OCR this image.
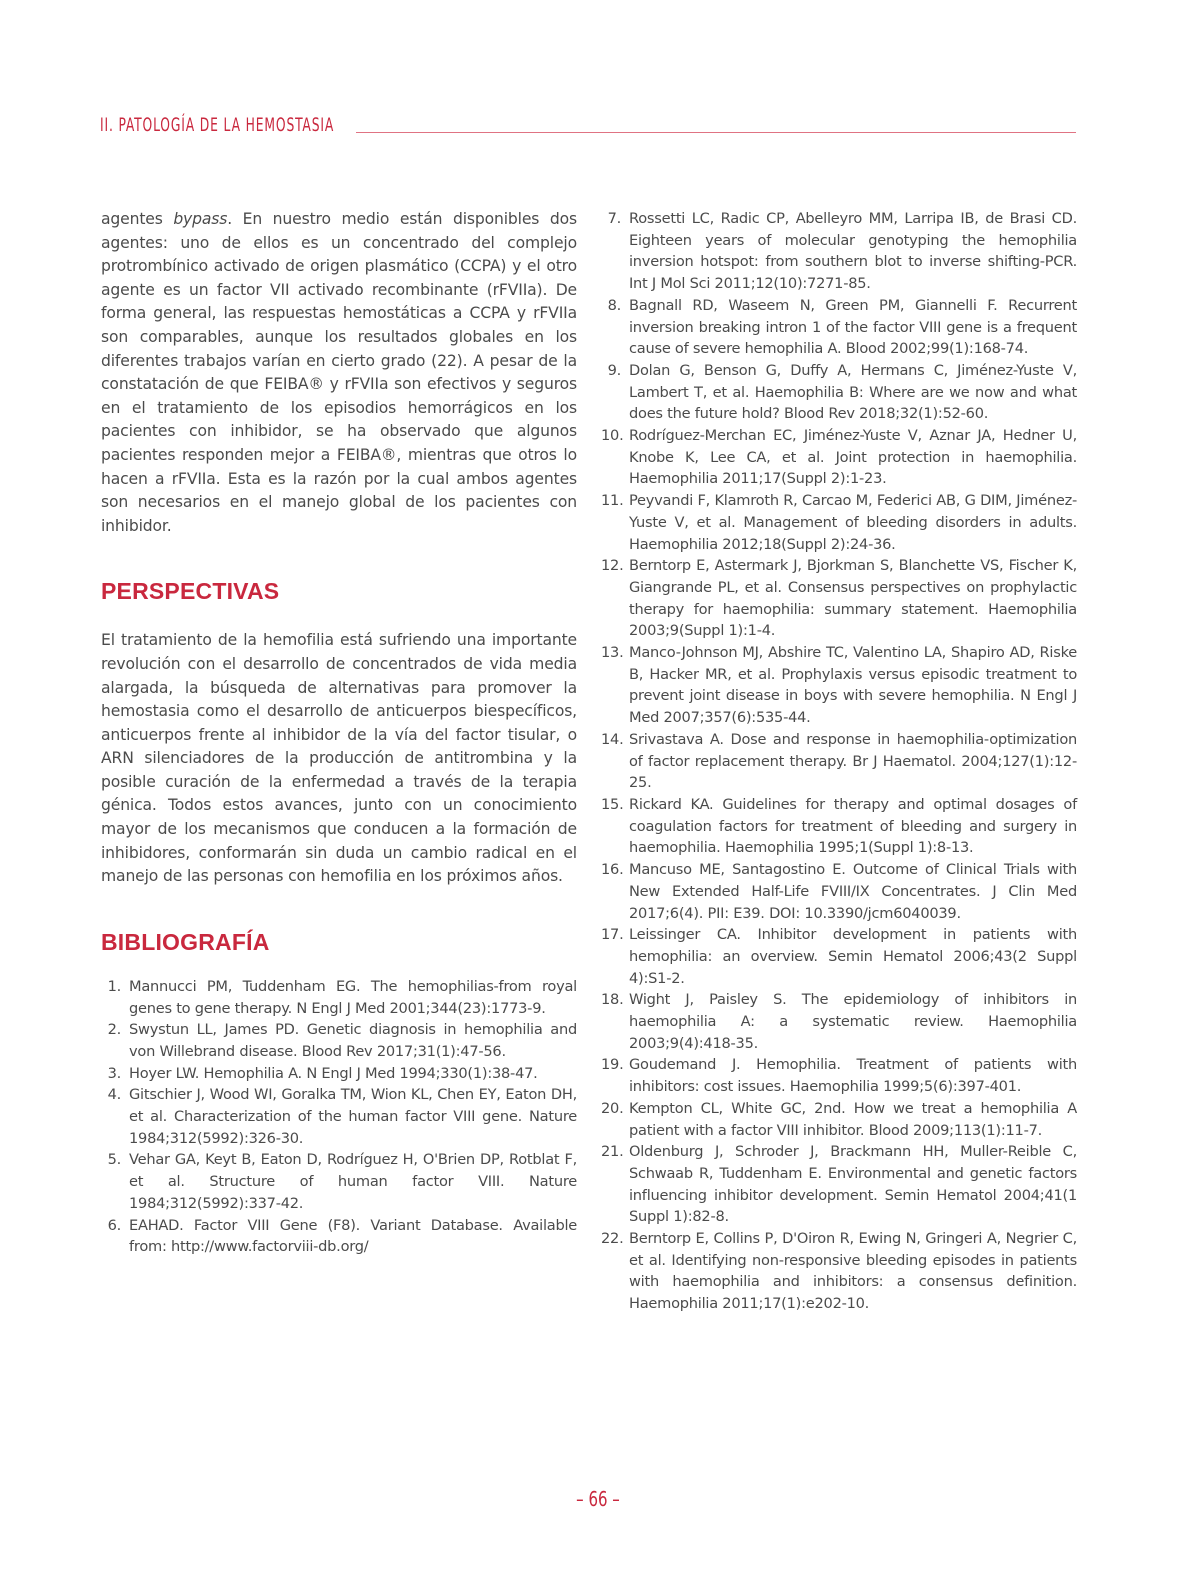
II. PATOLOGÍA DE LA HEMOSTASIA

agentes bypass. En nuestro medio están disponibles dos agentes: uno de ellos es un concentrado del complejo protrombínico activado de origen plasmático (CCPA) y el otro agente es un factor VII activado recombinante (rFVIIa). De forma general, las respuestas hemostáticas a CCPA y rFVIIa son comparables, aunque los resultados globales en los diferentes trabajos varían en cierto grado (22). A pesar de la constatación de que FEIBA® y rFVIIa son efectivos y seguros en el tratamiento de los episodios hemorrágicos en los pacientes con inhibidor, se ha observado que algunos pacientes responden mejor a FEIBA®, mientras que otros lo hacen a rFVIIa. Esta es la razón por la cual ambos agentes son necesarios en el manejo global de los pacientes con inhibidor.

PERSPECTIVAS

El tratamiento de la hemofilia está sufriendo una importante revolución con el desarrollo de concentrados de vida media alargada, la búsqueda de alternativas para promover la hemostasia como el desarrollo de anticuerpos biespecíficos, anticuerpos frente al inhibidor de la vía del factor tisular, o ARN silenciadores de la producción de antitrombina y la posible curación de la enfermedad a través de la terapia génica. Todos estos avances, junto con un conocimiento mayor de los mecanismos que conducen a la formación de inhibidores, conformarán sin duda un cambio radical en el manejo de las personas con hemofilia en los próximos años.

BIBLIOGRAFÍA
1. Mannucci PM, Tuddenham EG. The hemophilias-from royal genes to gene therapy. N Engl J Med 2001;344(23):1773-9.
2. Swystun LL, James PD. Genetic diagnosis in hemophilia and von Willebrand disease. Blood Rev 2017;31(1):47-56.
3. Hoyer LW. Hemophilia A. N Engl J Med 1994;330(1):38-47.
4. Gitschier J, Wood WI, Goralka TM, Wion KL, Chen EY, Eaton DH, et al. Characterization of the human factor VIII gene. Nature 1984;312(5992):326-30.
5. Vehar GA, Keyt B, Eaton D, Rodríguez H, O'Brien DP, Rotblat F, et al. Structure of human factor VIII. Nature 1984;312(5992):337-42.
6. EAHAD. Factor VIII Gene (F8). Variant Database. Available from: http://www.factorviii-db.org/
7. Rossetti LC, Radic CP, Abelleyro MM, Larripa IB, de Brasi CD. Eighteen years of molecular genotyping the hemophilia inversion hotspot: from southern blot to inverse shifting-PCR. Int J Mol Sci 2011;12(10):7271-85.
8. Bagnall RD, Waseem N, Green PM, Giannelli F. Recurrent inversion breaking intron 1 of the factor VIII gene is a frequent cause of severe hemophilia A. Blood 2002;99(1):168-74.
9. Dolan G, Benson G, Duffy A, Hermans C, Jiménez-Yuste V, Lambert T, et al. Haemophilia B: Where are we now and what does the future hold? Blood Rev 2018;32(1):52-60.
10. Rodríguez-Merchan EC, Jiménez-Yuste V, Aznar JA, Hedner U, Knobe K, Lee CA, et al. Joint protection in haemophilia. Haemophilia 2011;17(Suppl 2):1-23.
11. Peyvandi F, Klamroth R, Carcao M, Federici AB, G DIM, Jiménez-Yuste V, et al. Management of bleeding disorders in adults. Haemophilia 2012;18(Suppl 2):24-36.
12. Berntorp E, Astermark J, Bjorkman S, Blanchette VS, Fischer K, Giangrande PL, et al. Consensus perspectives on prophylactic therapy for haemophilia: summary statement. Haemophilia 2003;9(Suppl 1):1-4.
13. Manco-Johnson MJ, Abshire TC, Valentino LA, Shapiro AD, Riske B, Hacker MR, et al. Prophylaxis versus episodic treatment to prevent joint disease in boys with severe hemophilia. N Engl J Med 2007;357(6):535-44.
14. Srivastava A. Dose and response in haemophilia-optimization of factor replacement therapy. Br J Haematol. 2004;127(1):12-25.
15. Rickard KA. Guidelines for therapy and optimal dosages of coagulation factors for treatment of bleeding and surgery in haemophilia. Haemophilia 1995;1(Suppl 1):8-13.
16. Mancuso ME, Santagostino E. Outcome of Clinical Trials with New Extended Half-Life FVIII/IX Concentrates. J Clin Med 2017;6(4). PII: E39. DOI: 10.3390/jcm6040039.
17. Leissinger CA. Inhibitor development in patients with hemophilia: an overview. Semin Hematol 2006;43(2 Suppl 4):S1-2.
18. Wight J, Paisley S. The epidemiology of inhibitors in haemophilia A: a systematic review. Haemophilia 2003;9(4):418-35.
19. Goudemand J. Hemophilia. Treatment of patients with inhibitors: cost issues. Haemophilia 1999;5(6):397-401.
20. Kempton CL, White GC, 2nd. How we treat a hemophilia A patient with a factor VIII inhibitor. Blood 2009;113(1):11-7.
21. Oldenburg J, Schroder J, Brackmann HH, Muller-Reible C, Schwaab R, Tuddenham E. Environmental and genetic factors influencing inhibitor development. Semin Hematol 2004;41(1 Suppl 1):82-8.
22. Berntorp E, Collins P, D'Oiron R, Ewing N, Gringeri A, Negrier C, et al. Identifying non-responsive bleeding episodes in patients with haemophilia and inhibitors: a consensus definition. Haemophilia 2011;17(1):e202-10.
– 66 –
